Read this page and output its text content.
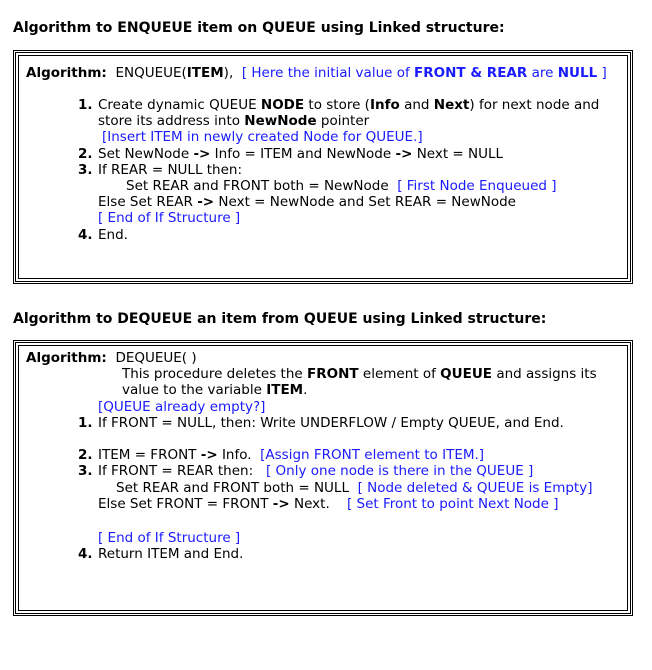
Algorithm to ENQUEUE item on QUEUE using Linked structure:
Algorithm: ENQUEUE(ITEM), [ Here the initial value of FRONT & REAR are NULL ]
1. Create dynamic QUEUE NODE to store (Info and Next) for next node and
store its address into NewNode pointer
[Insert ITEM in newly created Node for QUEUE.]
2. Set NewNode -> Info = ITEM and NewNode -> Next = NULL
3. If REAR = NULL then:
Set REAR and FRONT both = NewNode [ First Node Enqueued ]
Else Set REAR -> Next = NewNode and Set REAR = NewNode
[ End of If Structure ]
4. End.
Algorithm to DEQUEUE an item from QUEUE using Linked structure:
Algorithm: DEQUEUE( )
This procedure deletes the FRONT element of QUEUE and assigns its
value to the variable ITEM.
[QUEUE already empty?]
1. If FRONT = NULL, then: Write UNDERFLOW / Empty QUEUE, and End.
2. ITEM = FRONT -> Info. [Assign FRONT element to ITEM.]
3. If FRONT = REAR then: [ Only one node is there in the QUEUE ]
Set REAR and FRONT both = NULL [ Node deleted & QUEUE is Empty]
Else Set FRONT = FRONT -> Next. [ Set Front to point Next Node ]
[ End of If Structure ]
4. Return ITEM and End.
